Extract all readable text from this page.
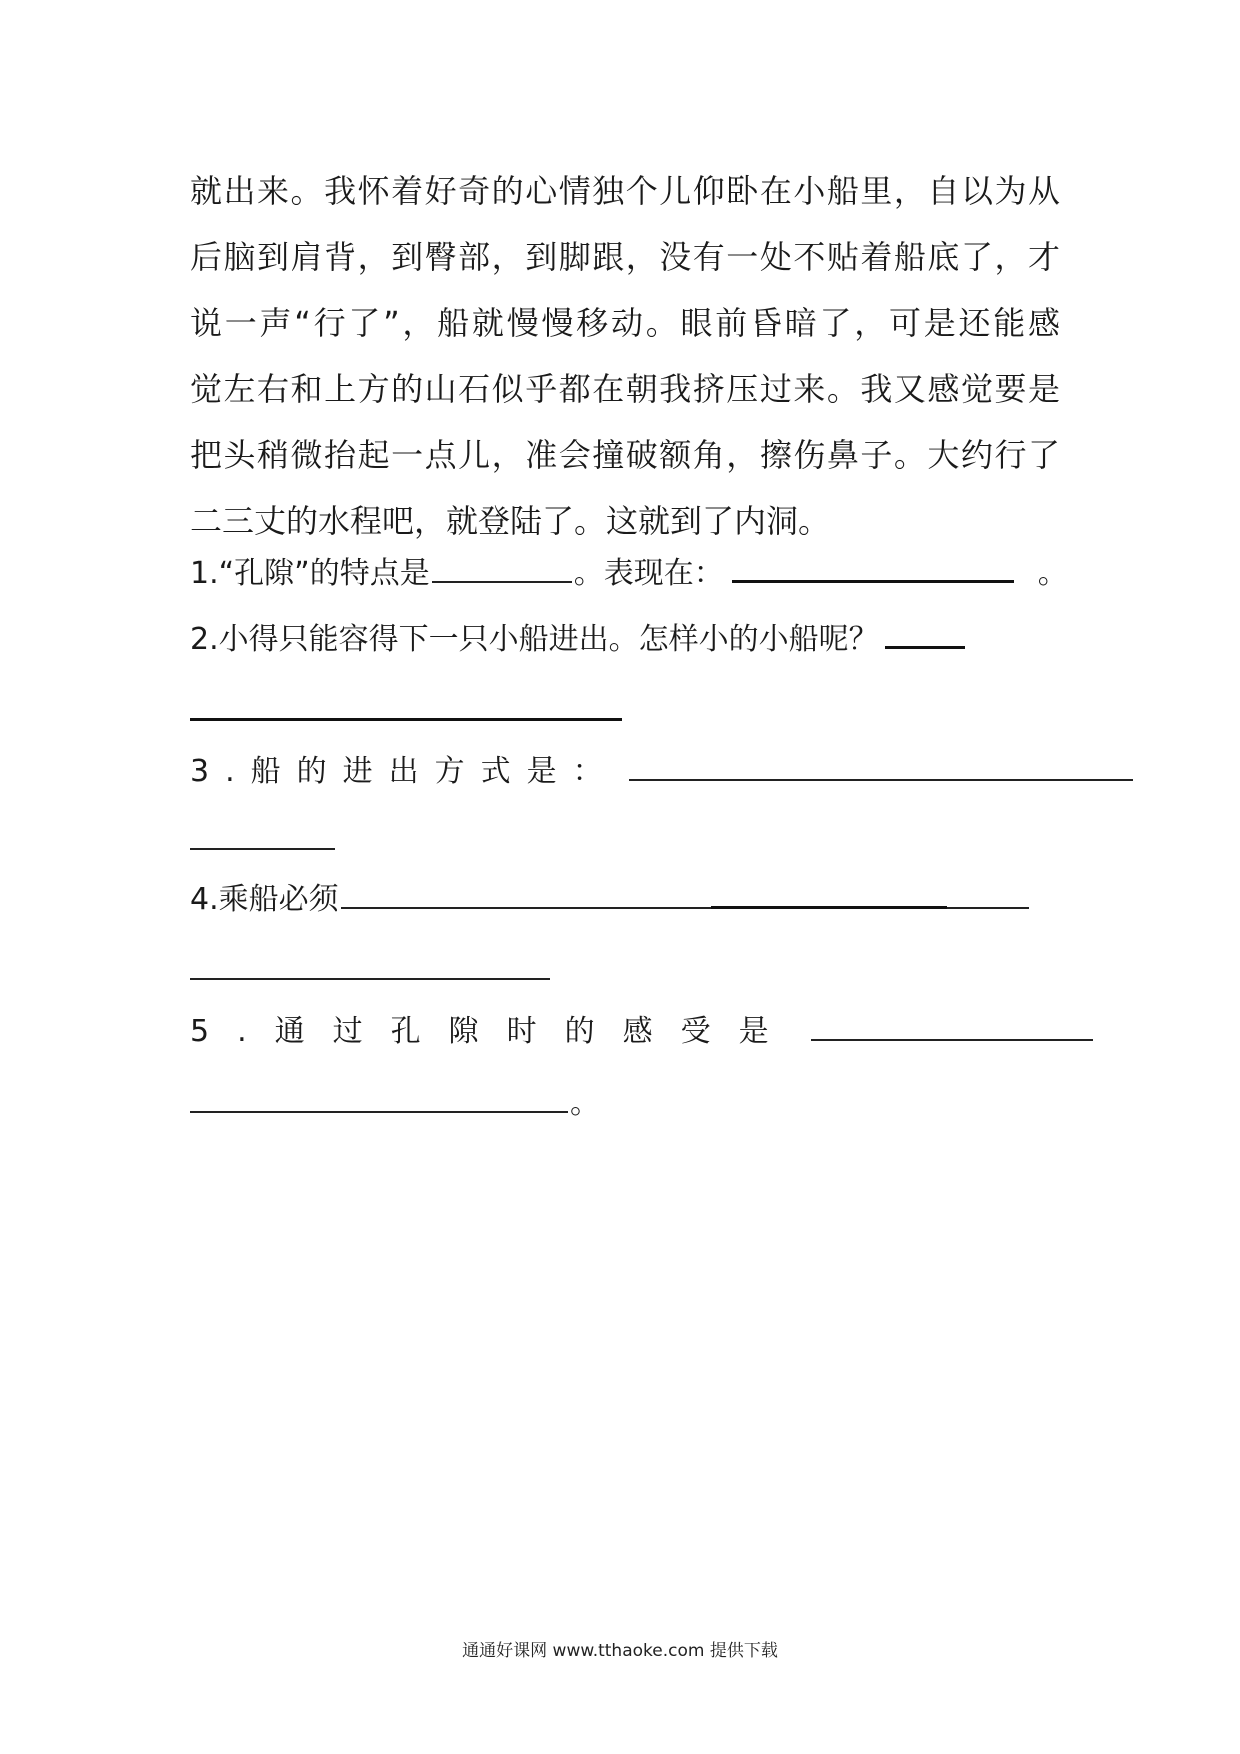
就出来。我怀着好奇的心情独个儿仰卧在小船里，自以为从
后脑到肩背，到臀部，到脚跟，没有一处不贴着船底了，才
说一声“行了”，船就慢慢移动。眼前昏暗了，可是还能感
觉左右和上方的山石似乎都在朝我挤压过来。我又感觉要是
把头稍微抬起一点儿，准会撞破额角，擦伤鼻子。大约行了
二三丈的水程吧，就登陆了。这就到了内洞。
1.“孔隙”的特点是	。表现在：	。
2.小得只能容得下一只小船进出。怎样小的小船呢？
3.船的进出方式是：
4.乘船必须
5.通过孔隙时的感受是
。
通通好课网 www.tthaoke.com 提供下载
